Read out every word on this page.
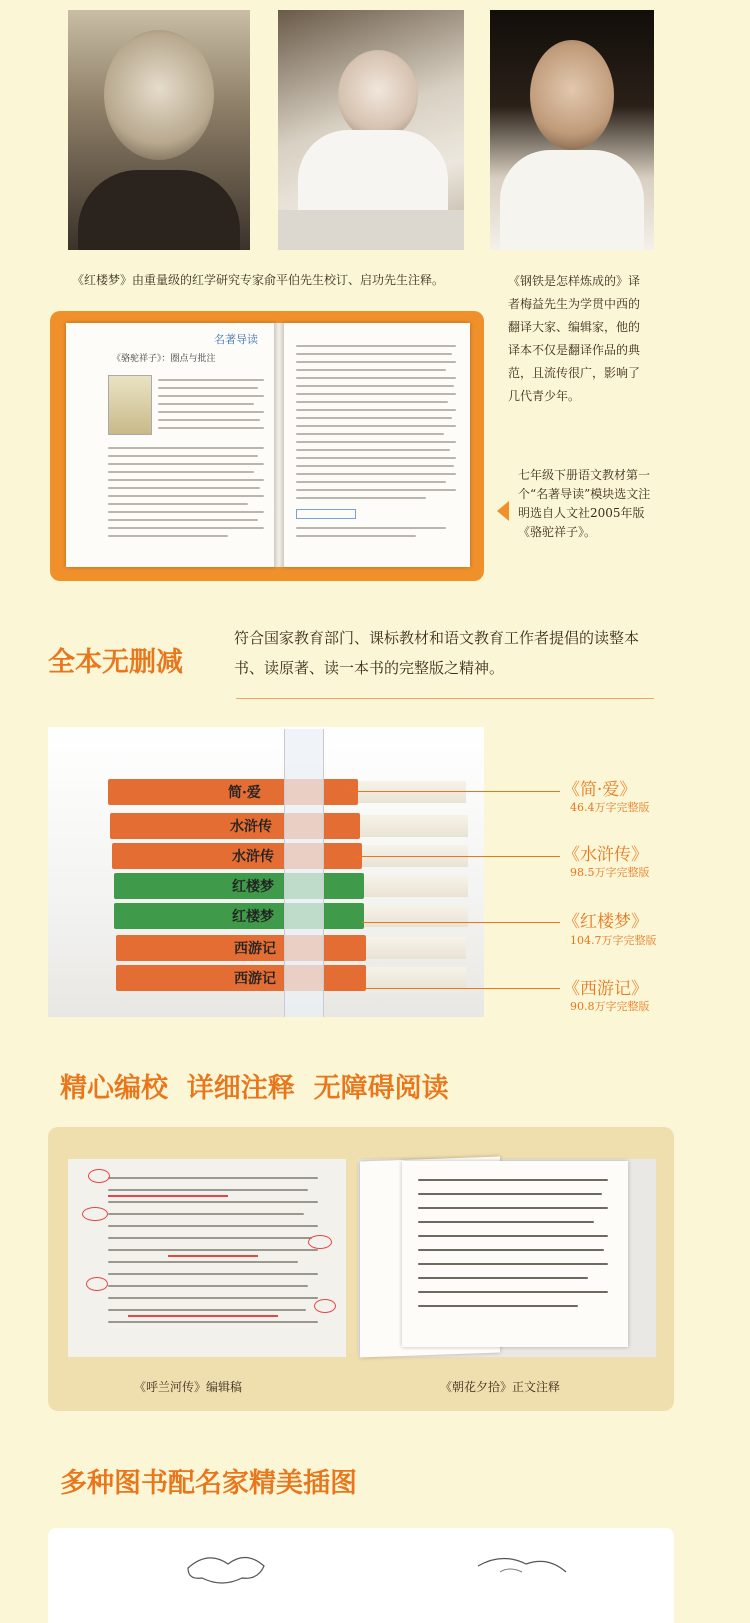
《红楼梦》由重量级的红学研究专家俞平伯先生校订、启功先生注释。	《钢铁是怎样炼成的》译者梅益先生为学贯中西的翻译大家、编辑家，他的译本不仅是翻译作品的典范，且流传很广，影响了几代青少年。
名著导读
《骆驼祥子》：圈点与批注
七年级下册语文教材第一个“名著导读”模块选文注明选自人文社2005年版《骆驼祥子》。
全本无删减
符合国家教育部门、课标教材和语文教育工作者提倡的读整本书、读原著、读一本书的完整版之精神。
简·爱
水浒传
水浒传
红楼梦
红楼梦
西游记
西游记
《简·爱》
46.4万字完整版
《水浒传》
98.5万字完整版
《红楼梦》
104.7万字完整版
《西游记》
90.8万字完整版
精心编校  详细注释  无障碍阅读
《呼兰河传》编辑稿	《朝花夕拾》正文注释
多种图书配名家精美插图
